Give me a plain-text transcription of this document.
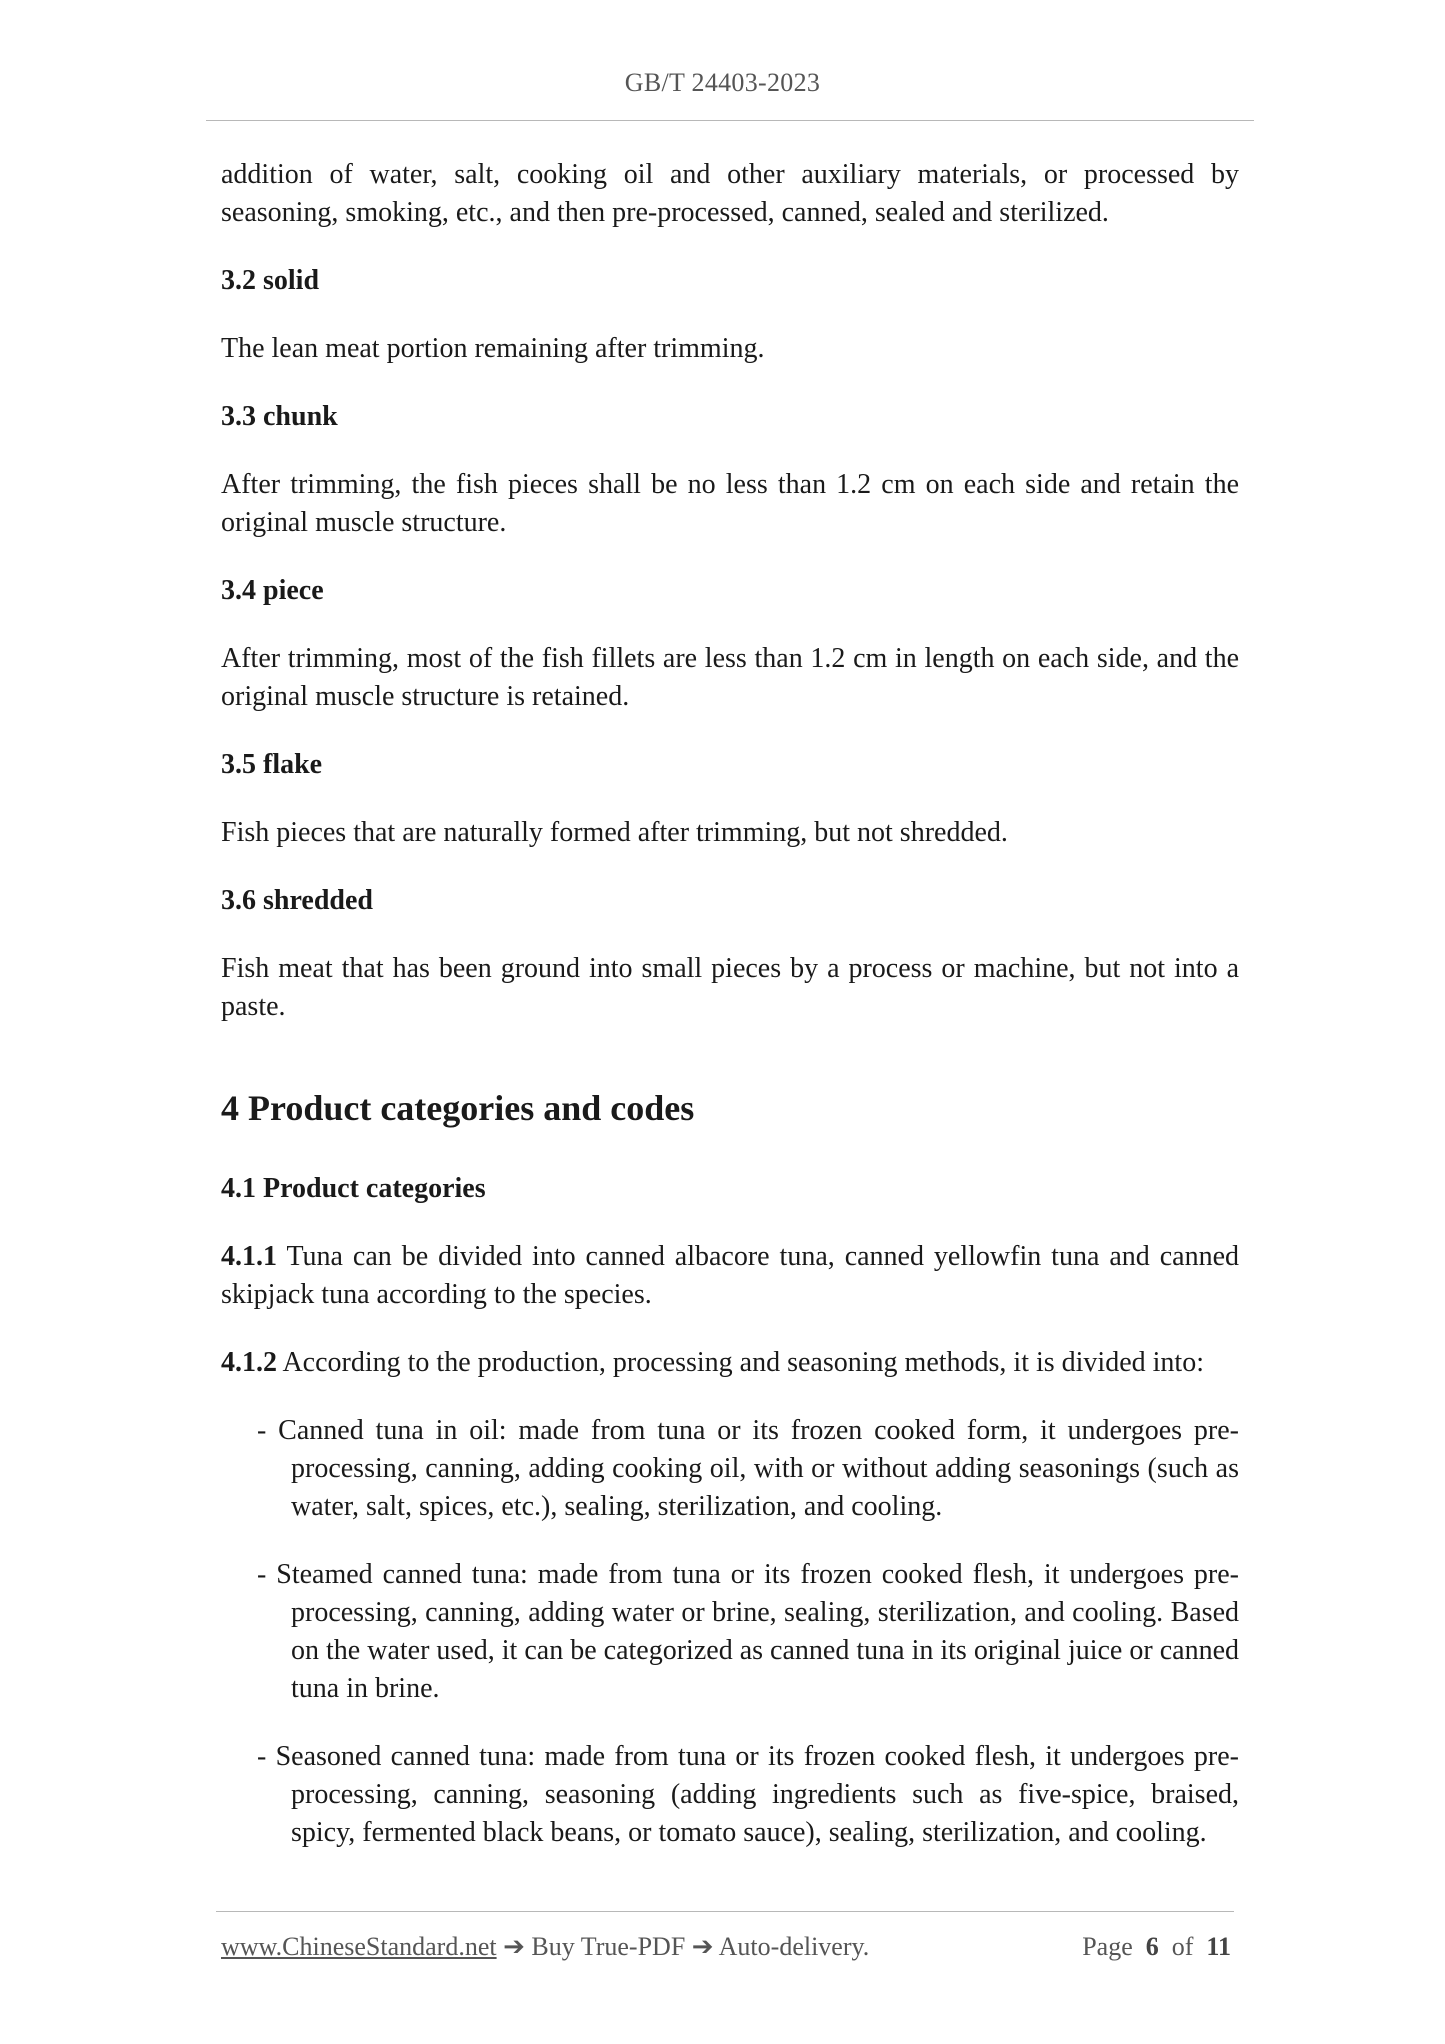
GB/T 24403-2023

addition of water, salt, cooking oil and other auxiliary materials, or processed by seasoning, smoking, etc., and then pre-processed, canned, sealed and sterilized.

3.2 solid

The lean meat portion remaining after trimming.

3.3 chunk

After trimming, the fish pieces shall be no less than 1.2 cm on each side and retain the original muscle structure.

3.4 piece

After trimming, most of the fish fillets are less than 1.2 cm in length on each side, and the original muscle structure is retained.

3.5 flake

Fish pieces that are naturally formed after trimming, but not shredded.

3.6 shredded

Fish meat that has been ground into small pieces by a process or machine, but not into a paste.

4 Product categories and codes

4.1 Product categories

4.1.1 Tuna can be divided into canned albacore tuna, canned yellowfin tuna and canned skipjack tuna according to the species.

4.1.2 According to the production, processing and seasoning methods, it is divided into:

- Canned tuna in oil: made from tuna or its frozen cooked form, it undergoes pre-processing, canning, adding cooking oil, with or without adding seasonings (such as water, salt, spices, etc.), sealing, sterilization, and cooling.
- Steamed canned tuna: made from tuna or its frozen cooked flesh, it undergoes pre-processing, canning, adding water or brine, sealing, sterilization, and cooling. Based on the water used, it can be categorized as canned tuna in its original juice or canned tuna in brine.
- Seasoned canned tuna: made from tuna or its frozen cooked flesh, it undergoes pre-processing, canning, seasoning (adding ingredients such as five-spice, braised, spicy, fermented black beans, or tomato sauce), sealing, sterilization, and cooling.
www.ChineseStandard.net ➔ Buy True-PDF ➔ Auto-delivery.	Page 6 of 11
